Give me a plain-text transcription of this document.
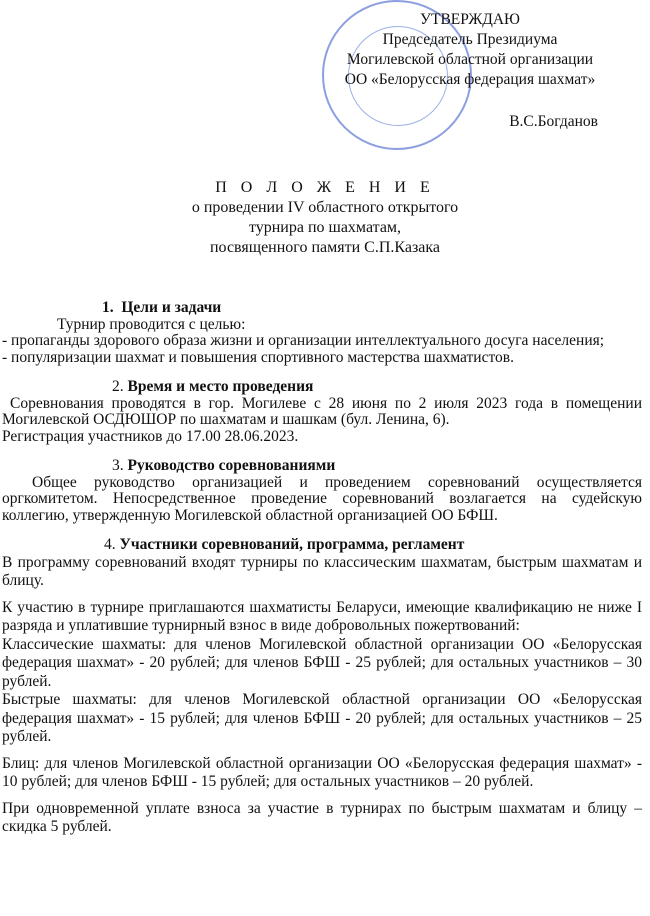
УТВЕРЖДАЮ
Председатель Президиума
Могилевской областной организации
ОО «Белорусская федерация шахмат»
В.С.Богданов
П О Л О Ж Е Н И Е
о проведении IV областного открытого
турнира по шахматам,
посвященного памяти С.П.Казака
1. Цели и задачи

Турнир проводится с целью:

- пропаганды здорового образа жизни и организации интеллектуального досуга населения;

- популяризации шахмат и повышения спортивного мастерства шахматистов.

2. Время и место проведения

Соревнования проводятся в гор. Могилеве с 28 июня по 2 июля 2023 года в помещении Могилевской ОСДЮШОР по шахматам и шашкам (бул. Ленина, 6).

Регистрация участников до 17.00 28.06.2023.

3. Руководство соревнованиями

Общее руководство организацией и проведением соревнований осуществляется оргкомитетом. Непосредственное проведение соревнований возлагается на судейскую коллегию, утвержденную Могилевской областной организацией ОО БФШ.

4. Участники соревнований, программа, регламент

В программу соревнований входят турниры по классическим шахматам, быстрым шахматам и блицу.

К участию в турнире приглашаются шахматисты Беларуси, имеющие квалификацию не ниже I разряда и уплатившие турнирный взнос в виде добровольных пожертвований:

Классические шахматы: для членов Могилевской областной организации ОО «Белорусская федерация шахмат» - 20 рублей; для членов БФШ - 25 рублей; для остальных участников – 30 рублей.

Быстрые шахматы: для членов Могилевской областной организации ОО «Белорусская федерация шахмат» - 15 рублей; для членов БФШ - 20 рублей; для остальных участников – 25 рублей.

Блиц: для членов Могилевской областной организации ОО «Белорусская федерация шахмат» - 10 рублей; для членов БФШ - 15 рублей; для остальных участников – 20 рублей.

При одновременной уплате взноса за участие в турнирах по быстрым шахматам и блицу – скидка 5 рублей.
